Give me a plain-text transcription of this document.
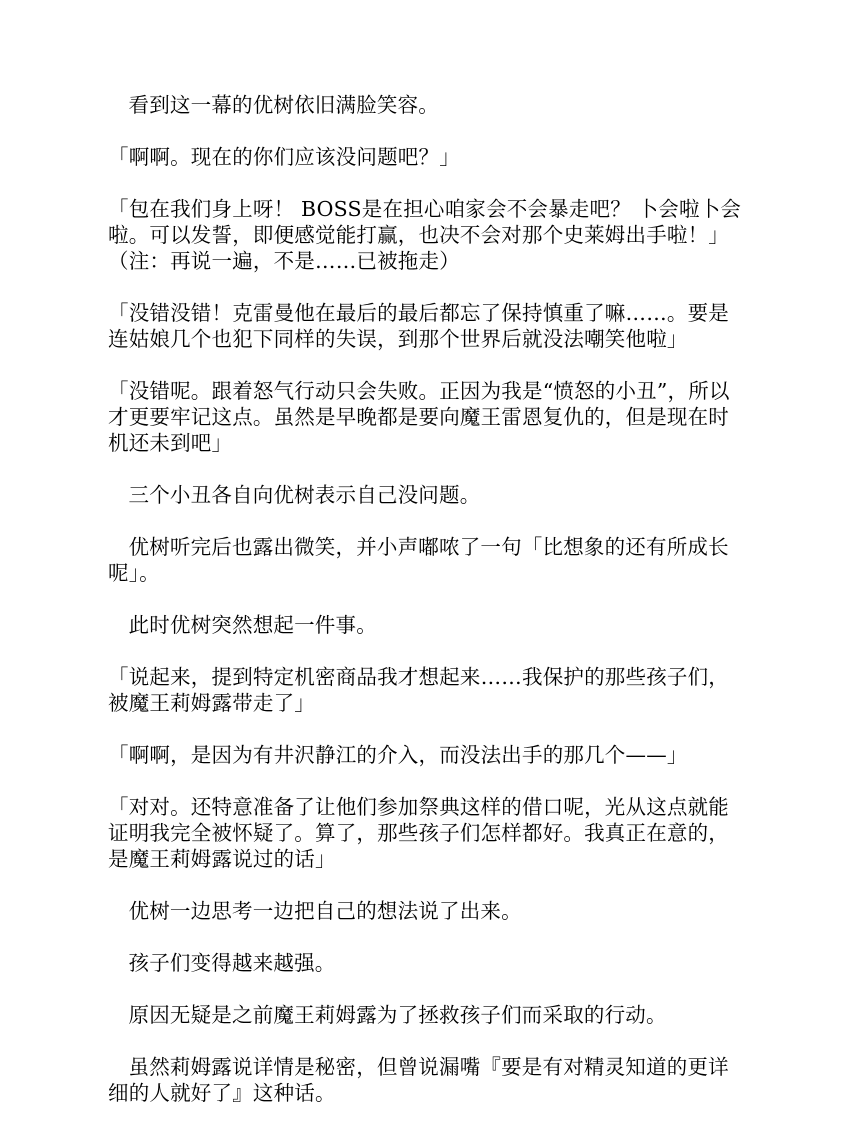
看到这一幕的优树依旧满脸笑容。

「啊啊。现在的你们应该没问题吧？」

「包在我们身上呀！ BOSS是在担心咱家会不会暴走吧？ 卜会啦卜会啦。可以发誓，即便感觉能打赢，也决不会对那个史莱姆出手啦！」

（注：再说一遍，不是……已被拖走）

「没错没错！克雷曼他在最后的最后都忘了保持慎重了嘛……。要是连姑娘几个也犯下同样的失误，到那个世界后就没法嘲笑他啦」

「没错呢。跟着怒气行动只会失败。正因为我是“愤怒的小丑”，所以才更要牢记这点。虽然是早晚都是要向魔王雷恩复仇的，但是现在时机还未到吧」

三个小丑各自向优树表示自己没问题。

优树听完后也露出微笑，并小声嘟哝了一句「比想象的还有所成长呢」。

此时优树突然想起一件事。

「说起来，提到特定机密商品我才想起来……我保护的那些孩子们，被魔王莉姆露带走了」

「啊啊，是因为有井沢静江的介入，而没法出手的那几个——」

「对对。还特意准备了让他们参加祭典这样的借口呢，光从这点就能证明我完全被怀疑了。算了，那些孩子们怎样都好。我真正在意的，是魔王莉姆露说过的话」

优树一边思考一边把自己的想法说了出来。

孩子们变得越来越强。

原因无疑是之前魔王莉姆露为了拯救孩子们而采取的行动。

虽然莉姆露说详情是秘密，但曾说漏嘴『要是有对精灵知道的更详细的人就好了』这种话。
